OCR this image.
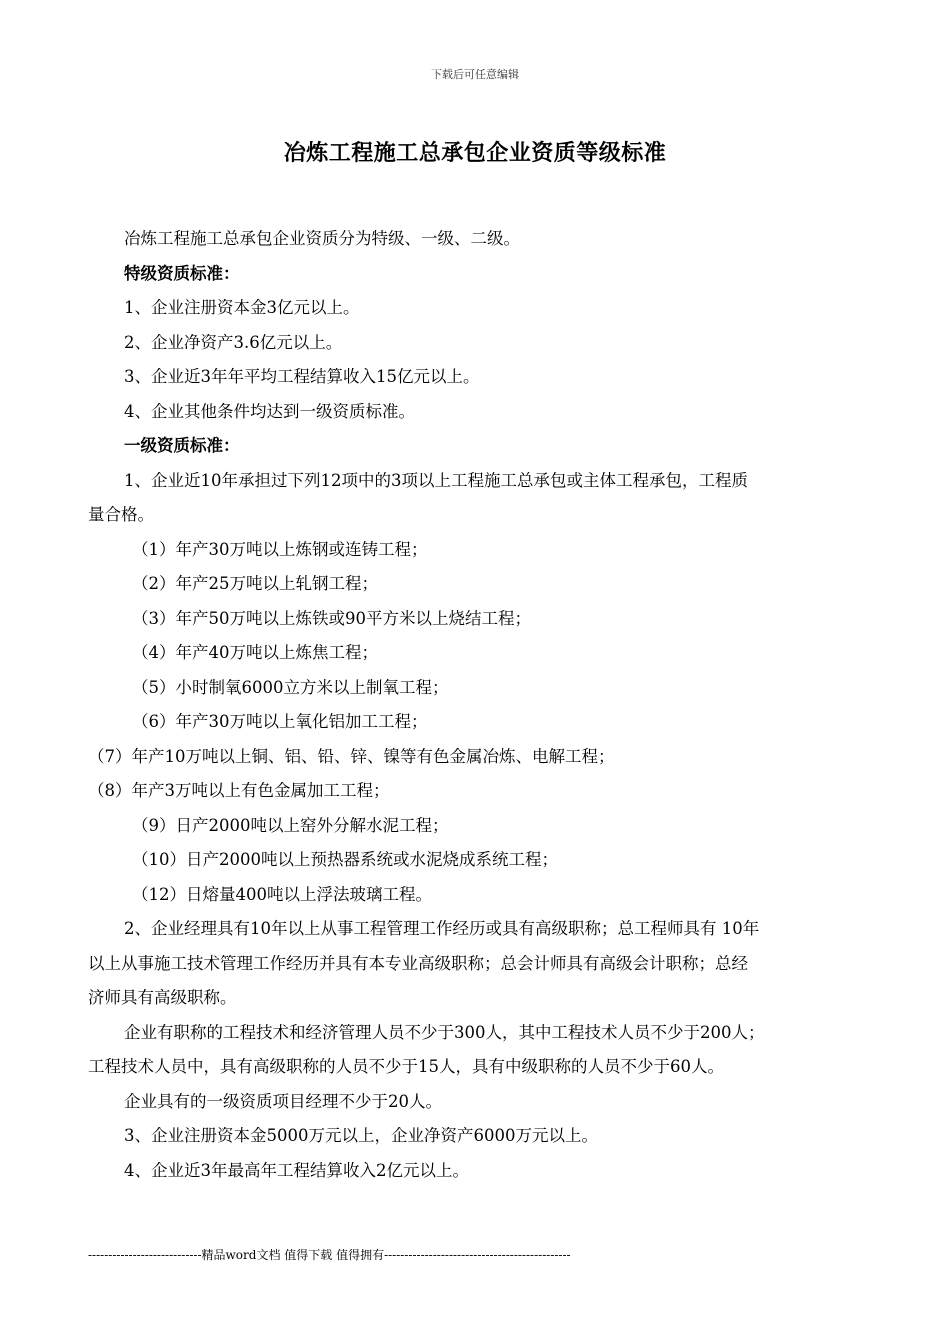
下载后可任意编辑
冶炼工程施工总承包企业资质等级标准
冶炼工程施工总承包企业资质分为特级、一级、二级。
特级资质标准：
1、企业注册资本金3亿元以上。
2、企业净资产3.6亿元以上。
3、企业近3年年平均工程结算收入15亿元以上。
4、企业其他条件均达到一级资质标准。
一级资质标准：
1、企业近10年承担过下列12项中的3项以上工程施工总承包或主体工程承包，工程质
量合格。
（1）年产30万吨以上炼钢或连铸工程；
（2）年产25万吨以上轧钢工程；
（3）年产50万吨以上炼铁或90平方米以上烧结工程；
（4）年产40万吨以上炼焦工程；
（5）小时制氧6000立方米以上制氧工程；
（6）年产30万吨以上氧化铝加工工程；
（7）年产10万吨以上铜、铝、铅、锌、镍等有色金属冶炼、电解工程；
（8）年产3万吨以上有色金属加工工程；
（9）日产2000吨以上窑外分解水泥工程；
（10）日产2000吨以上预热器系统或水泥烧成系统工程；
（12）日熔量400吨以上浮法玻璃工程。
2、企业经理具有10年以上从事工程管理工作经历或具有高级职称；总工程师具有 10年
以上从事施工技术管理工作经历并具有本专业高级职称；总会计师具有高级会计职称；总经
济师具有高级职称。
企业有职称的工程技术和经济管理人员不少于300人，其中工程技术人员不少于200人；
工程技术人员中，具有高级职称的人员不少于15人，具有中级职称的人员不少于60人。
企业具有的一级资质项目经理不少于20人。
3、企业注册资本金5000万元以上，企业净资产6000万元以上。
4、企业近3年最高年工程结算收入2亿元以上。
----------------------------精品word文档 值得下载 值得拥有----------------------------------------------
